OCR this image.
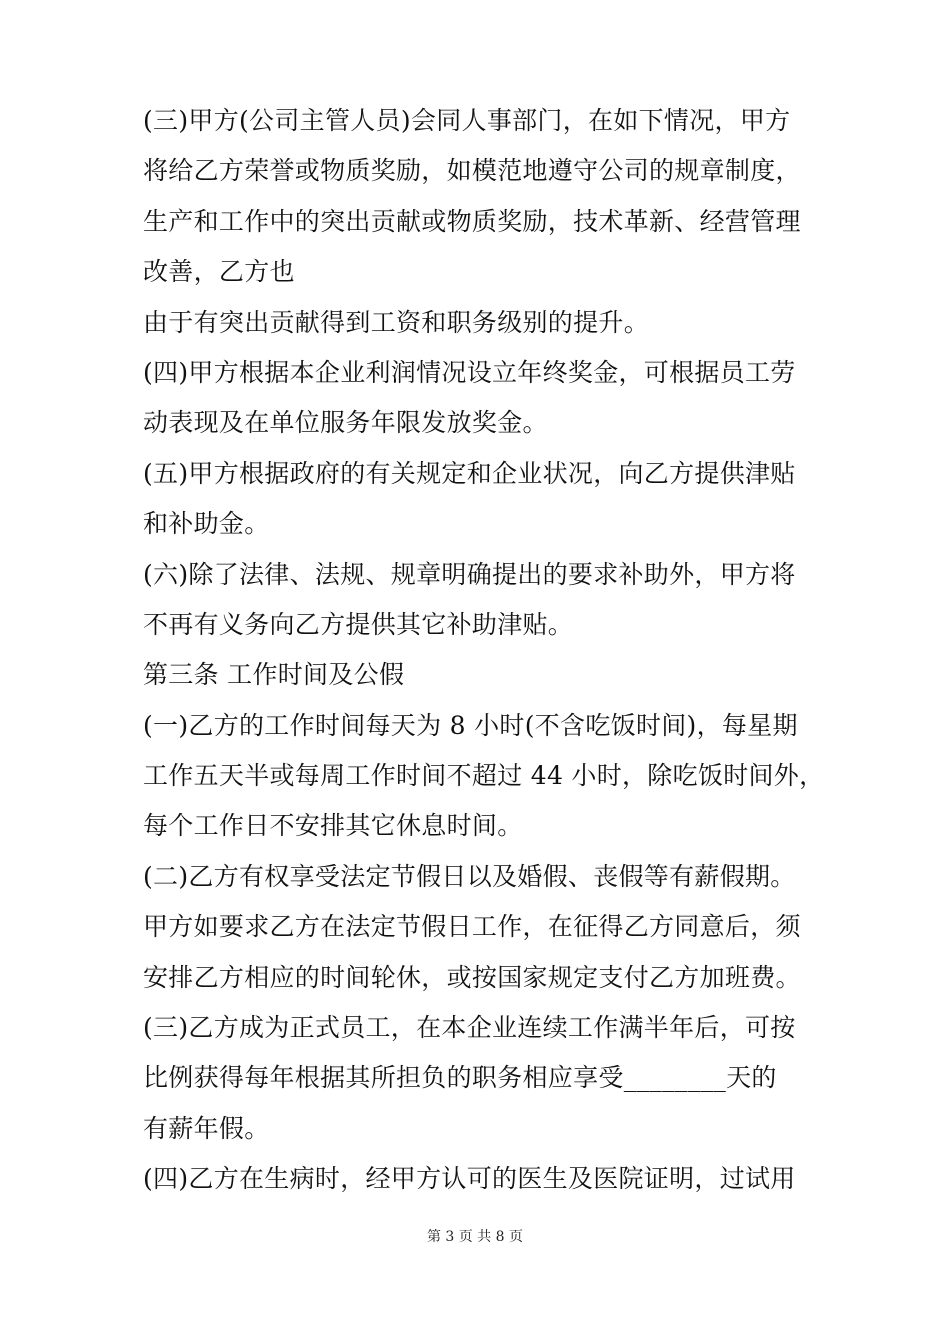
(三)甲方(公司主管人员)会同人事部门，在如下情况，甲方
将给乙方荣誉或物质奖励，如模范地遵守公司的规章制度，
生产和工作中的突出贡献或物质奖励，技术革新、经营管理
改善，乙方也
由于有突出贡献得到工资和职务级别的提升。
(四)甲方根据本企业利润情况设立年终奖金，可根据员工劳
动表现及在单位服务年限发放奖金。
(五)甲方根据政府的有关规定和企业状况，向乙方提供津贴
和补助金。
(六)除了法律、法规、规章明确提出的要求补助外，甲方将
不再有义务向乙方提供其它补助津贴。
第三条 工作时间及公假
(一)乙方的工作时间每天为 8 小时(不含吃饭时间)，每星期
工作五天半或每周工作时间不超过 44 小时，除吃饭时间外，
每个工作日不安排其它休息时间。
(二)乙方有权享受法定节假日以及婚假、丧假等有薪假期。
甲方如要求乙方在法定节假日工作，在征得乙方同意后，须
安排乙方相应的时间轮休，或按国家规定支付乙方加班费。
(三)乙方成为正式员工，在本企业连续工作满半年后，可按
比例获得每年根据其所担负的职务相应享受________天的
有薪年假。
(四)乙方在生病时，经甲方认可的医生及医院证明，过试用
第 3 页 共 8 页
